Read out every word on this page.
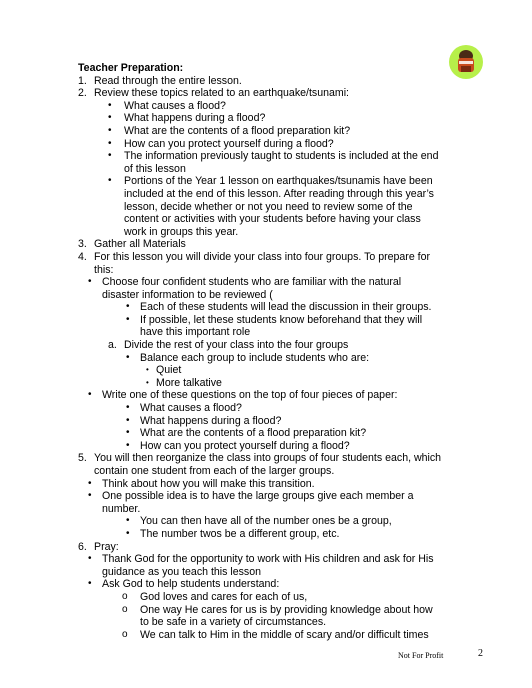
Teacher Preparation:
1. Read through the entire lesson.
2. Review these topics related to an earthquake/tsunami:
• What causes a flood?
• What happens during a flood?
• What are the contents of a flood preparation kit?
• How can you protect yourself during a flood?
• The information previously taught to students is included at the end
of this lesson
• Portions of the Year 1 lesson on earthquakes/tsunamis have been
included at the end of this lesson. After reading through this year’s
lesson, decide whether or not you need to review some of the
content or activities with your students before having your class
work in groups this year.
3. Gather all Materials
4. For this lesson you will divide your class into four groups. To prepare for
this:
• Choose four confident students who are familiar with the natural
disaster information to be reviewed (
• Each of these students will lead the discussion in their groups.
• If possible, let these students know beforehand that they will
have this important role
a. Divide the rest of your class into the four groups
• Balance each group to include students who are:
• Quiet
• More talkative
• Write one of these questions on the top of four pieces of paper:
• What causes a flood?
• What happens during a flood?
• What are the contents of a flood preparation kit?
• How can you protect yourself during a flood?
5. You will then reorganize the class into groups of four students each, which
contain one student from each of the larger groups.
• Think about how you will make this transition.
• One possible idea is to have the large groups give each member a
number.
• You can then have all of the number ones be a group,
• The number twos be a different group, etc.
6. Pray:
• Thank God for the opportunity to work with His children and ask for His
guidance as you teach this lesson
• Ask God to help students understand:
o God loves and cares for each of us,
o One way He cares for us is by providing knowledge about how
to be safe in a variety of circumstances.
o We can talk to Him in the middle of scary and/or difficult times
Not For Profit	2
